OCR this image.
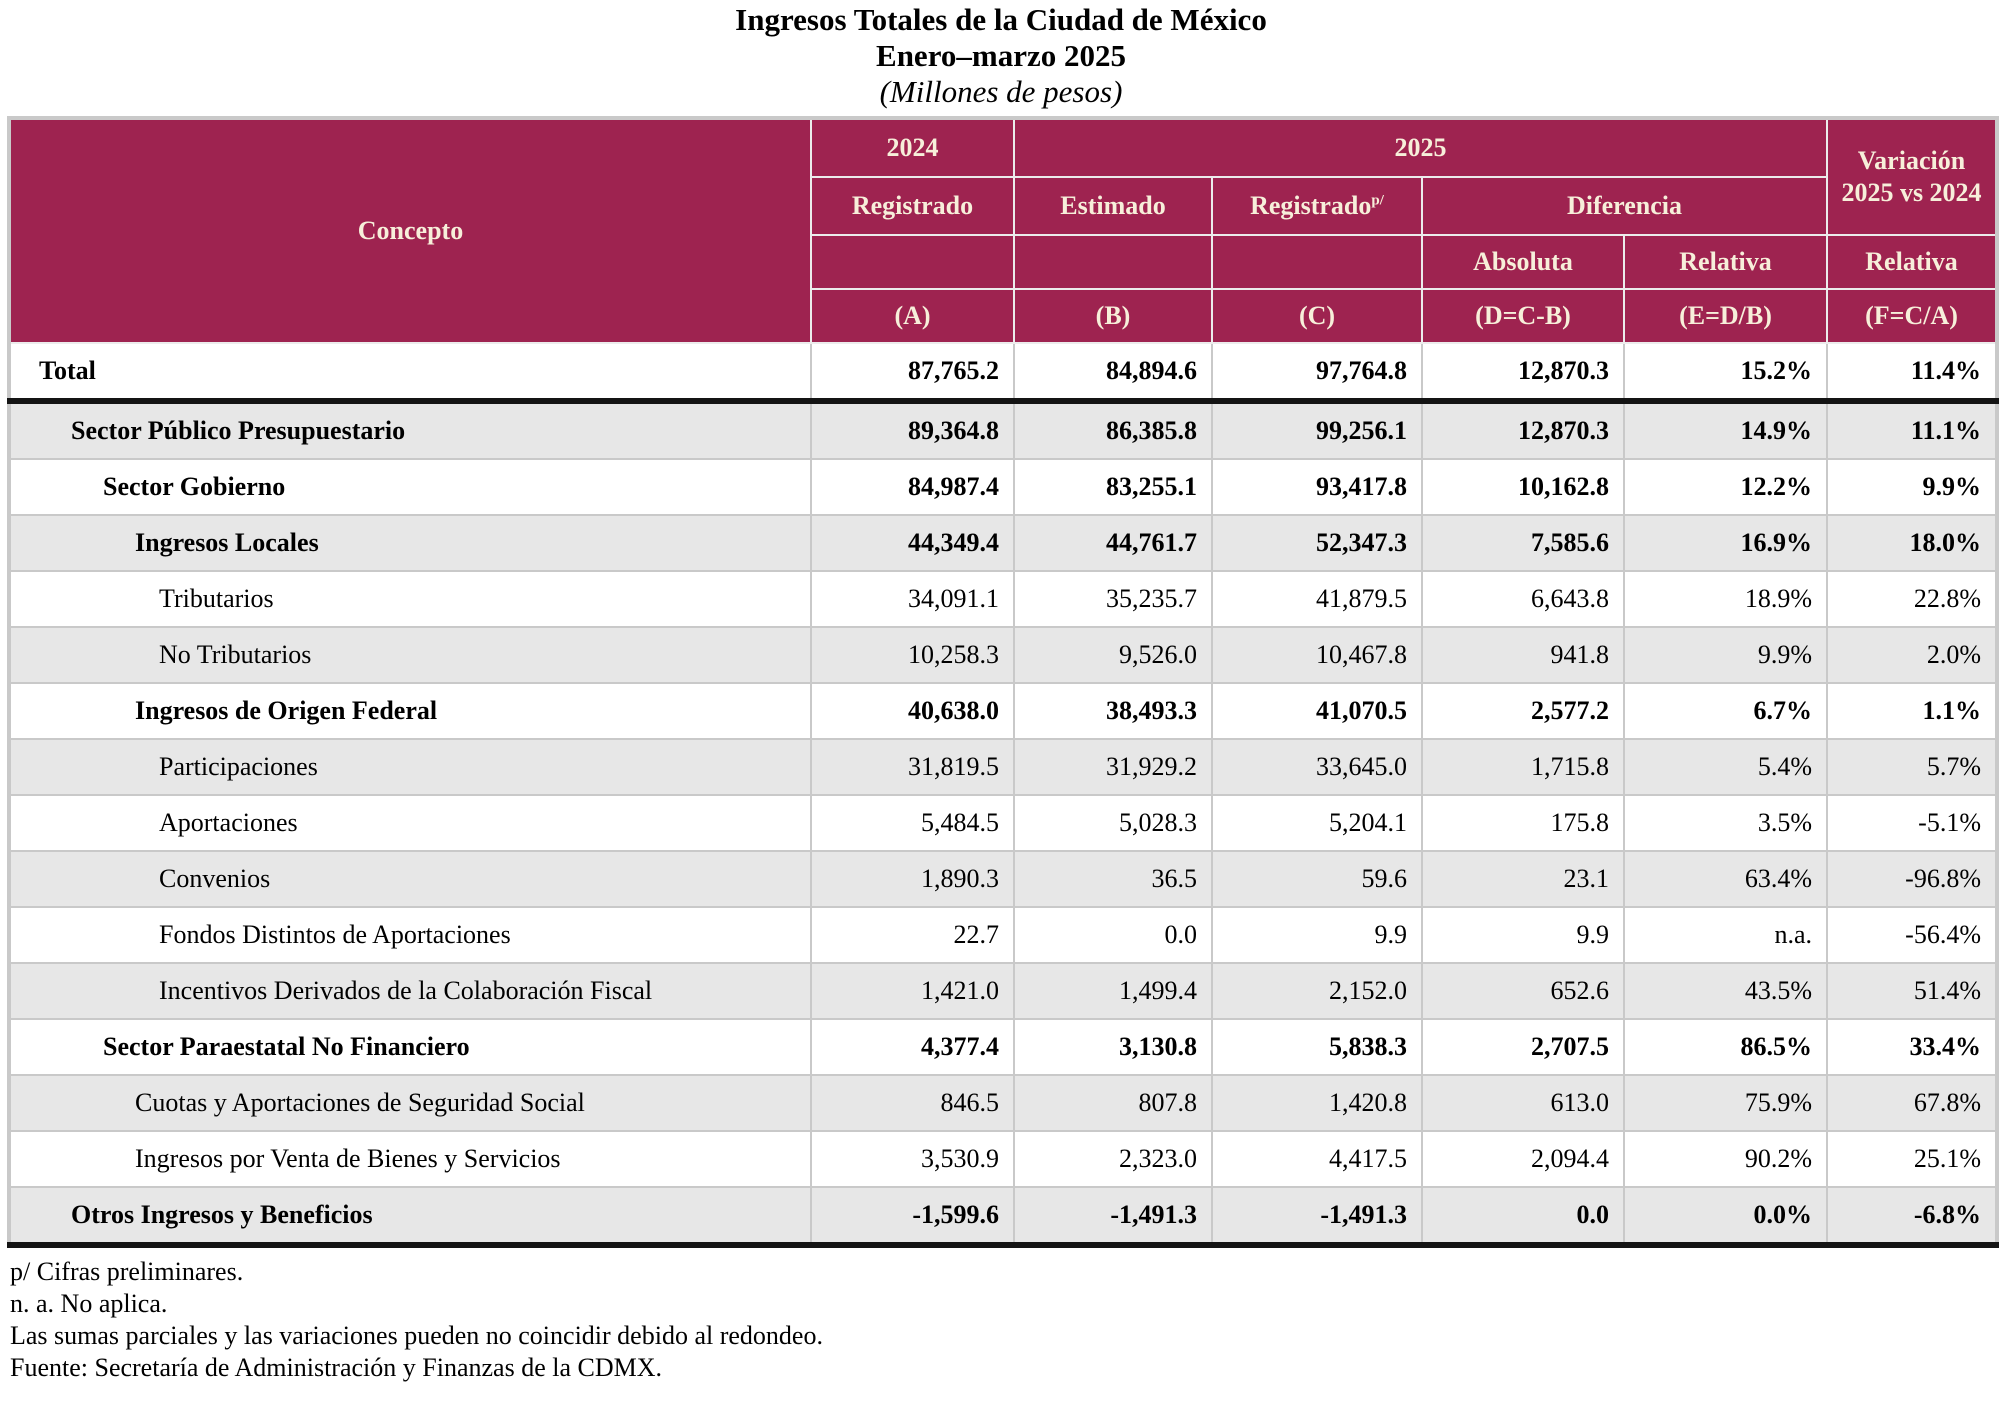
Ingresos Totales de la Ciudad de México
Enero–marzo 2025
(Millones de pesos)
Concepto	2024	2025				Variación 2025 vs 2024
	Registrado	Estimado	Registrado$^{p/}$	Diferencia		
				Absoluta	Relativa	Relativa
	(A)	(B)	(C)	(D=C-B)	(E=D/B)	(F=C/A)
Total	87,765.2	84,894.6	97,764.8	12,870.3	15.2%	11.4%
Sector Público Presupuestario	89,364.8	86,385.8	99,256.1	12,870.3	14.9%	11.1%
Sector Gobierno	84,987.4	83,255.1	93,417.8	10,162.8	12.2%	9.9%
Ingresos Locales	44,349.4	44,761.7	52,347.3	7,585.6	16.9%	18.0%
Tributarios	34,091.1	35,235.7	41,879.5	6,643.8	18.9%	22.8%
No Tributarios	10,258.3	9,526.0	10,467.8	941.8	9.9%	2.0%
Ingresos de Origen Federal	40,638.0	38,493.3	41,070.5	2,577.2	6.7%	1.1%
Participaciones	31,819.5	31,929.2	33,645.0	1,715.8	5.4%	5.7%
Aportaciones	5,484.5	5,028.3	5,204.1	175.8	3.5%	-5.1%
Convenios	1,890.3	36.5	59.6	23.1	63.4%	-96.8%
Fondos Distintos de Aportaciones	22.7	0.0	9.9	9.9	n.a.	-56.4%
Incentivos Derivados de la Colaboración Fiscal	1,421.0	1,499.4	2,152.0	652.6	43.5%	51.4%
Sector Paraestatal No Financiero	4,377.4	3,130.8	5,838.3	2,707.5	86.5%	33.4%
Cuotas y Aportaciones de Seguridad Social	846.5	807.8	1,420.8	613.0	75.9%	67.8%
Ingresos por Venta de Bienes y Servicios	3,530.9	2,323.0	4,417.5	2,094.4	90.2%	25.1%
Otros Ingresos y Beneficios	-1,599.6	-1,491.3	-1,491.3	0.0	0.0%	-6.8%
p/ Cifras preliminares.
n. a. No aplica.
Las sumas parciales y las variaciones pueden no coincidir debido al redondeo.
Fuente: Secretaría de Administración y Finanzas de la CDMX.
